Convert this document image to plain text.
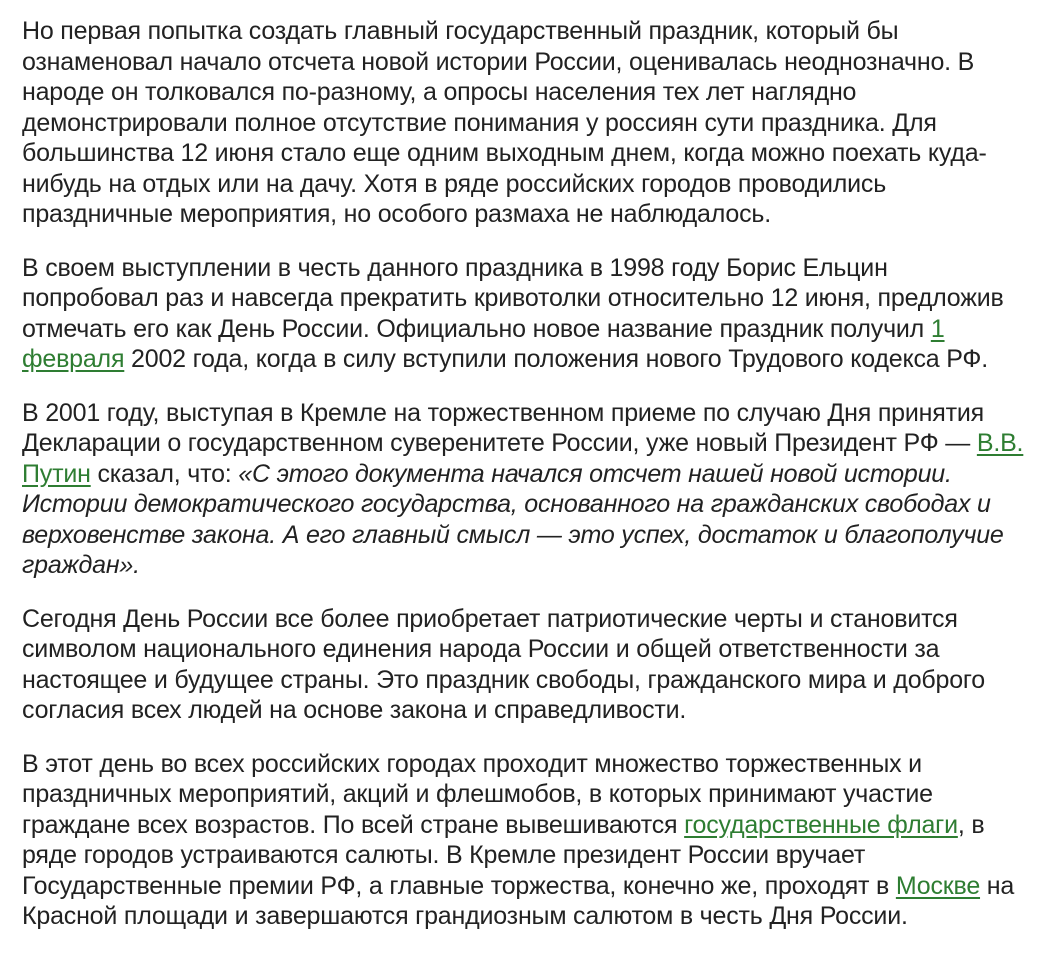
Но первая попытка создать главный государственный праздник, который бы ознаменовал начало отсчета новой истории России, оценивалась неоднозначно. В народе он толковался по-разному, а опросы населения тех лет наглядно демонстрировали полное отсутствие понимания у россиян сути праздника. Для большинства 12 июня стало еще одним выходным днем, когда можно поехать куда-нибудь на отдых или на дачу. Хотя в ряде российских городов проводились праздничные мероприятия, но особого размаха не наблюдалось.

В своем выступлении в честь данного праздника в 1998 году Борис Ельцин попробовал раз и навсегда прекратить кривотолки относительно 12 июня, предложив отмечать его как День России. Официально новое название праздник получил 1 февраля 2002 года, когда в силу вступили положения нового Трудового кодекса РФ.

В 2001 году, выступая в Кремле на торжественном приеме по случаю Дня принятия Декларации о государственном суверенитете России, уже новый Президент РФ — В.В. Путин сказал, что: «С этого документа начался отсчет нашей новой истории. Истории демократического государства, основанного на гражданских свободах и верховенстве закона. А его главный смысл — это успех, достаток и благополучие граждан».

Сегодня День России все более приобретает патриотические черты и становится символом национального единения народа России и общей ответственности за настоящее и будущее страны. Это праздник свободы, гражданского мира и доброго согласия всех людей на основе закона и справедливости.

В этот день во всех российских городах проходит множество торжественных и праздничных мероприятий, акций и флешмобов, в которых принимают участие граждане всех возрастов. По всей стране вывешиваются государственные флаги, в ряде городов устраиваются салюты. В Кремле президент России вручает Государственные премии РФ, а главные торжества, конечно же, проходят в Москве на Красной площади и завершаются грандиозным салютом в честь Дня России.
